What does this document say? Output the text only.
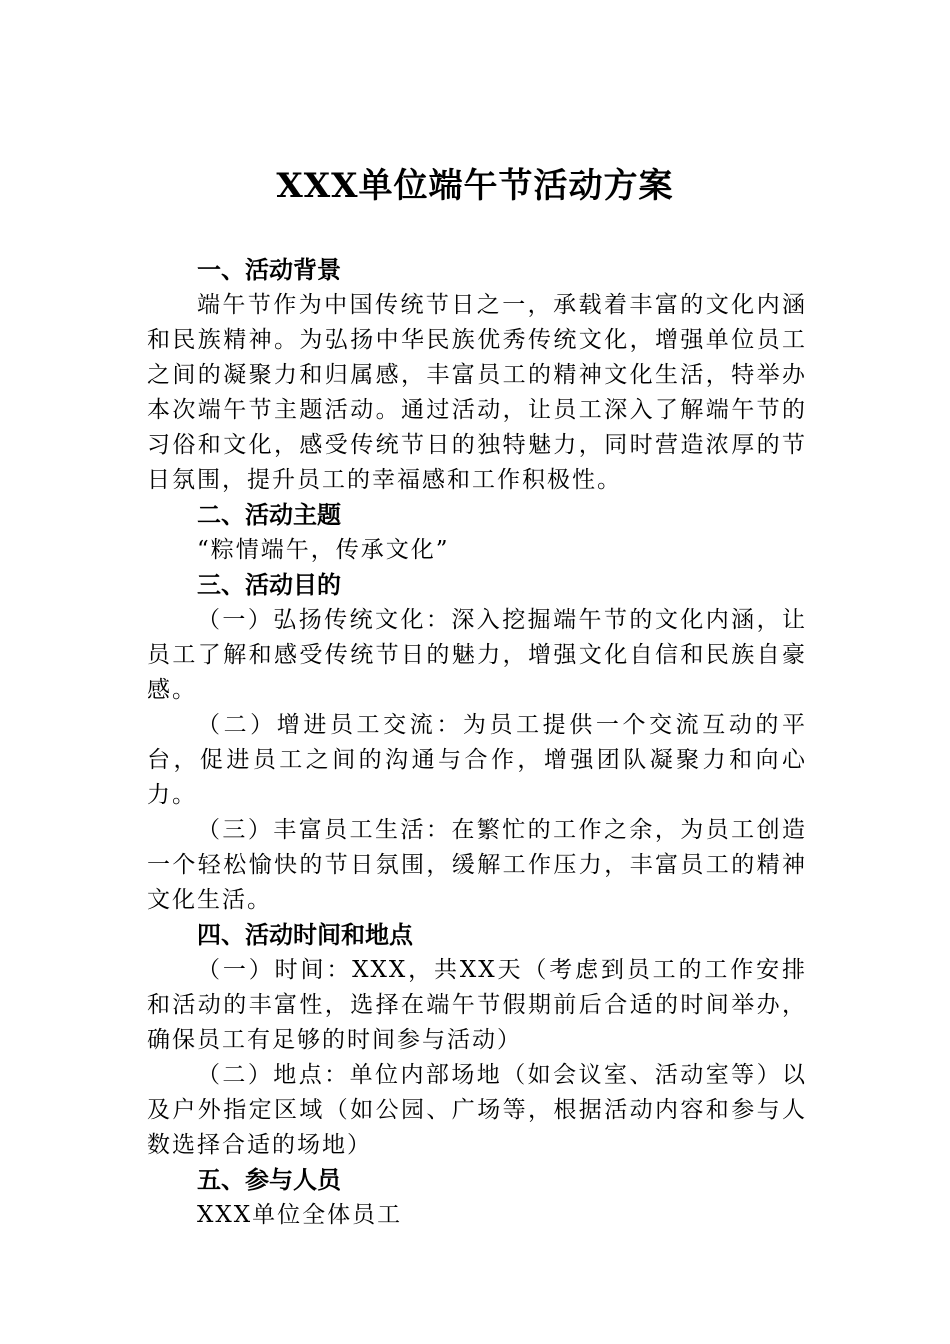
XXX单位端午节活动方案
一、活动背景

端午节作为中国传统节日之一，承载着丰富的文化内涵和民族精神。为弘扬中华民族优秀传统文化，增强单位员工之间的凝聚力和归属感，丰富员工的精神文化生活，特举办本次端午节主题活动。通过活动，让员工深入了解端午节的习俗和文化，感受传统节日的独特魅力，同时营造浓厚的节日氛围，提升员工的幸福感和工作积极性。

二、活动主题

“粽情端午，传承文化”

三、活动目的

（一）弘扬传统文化：深入挖掘端午节的文化内涵，让员工了解和感受传统节日的魅力，增强文化自信和民族自豪感。

（二）增进员工交流：为员工提供一个交流互动的平台，促进员工之间的沟通与合作，增强团队凝聚力和向心力。

（三）丰富员工生活：在繁忙的工作之余，为员工创造一个轻松愉快的节日氛围，缓解工作压力，丰富员工的精神文化生活。

四、活动时间和地点

（一）时间：XXX，共XX天（考虑到员工的工作安排和活动的丰富性，选择在端午节假期前后合适的时间举办，确保员工有足够的时间参与活动）

（二）地点：单位内部场地（如会议室、活动室等）以及户外指定区域（如公园、广场等，根据活动内容和参与人数选择合适的场地）

五、参与人员

XXX单位全体员工
